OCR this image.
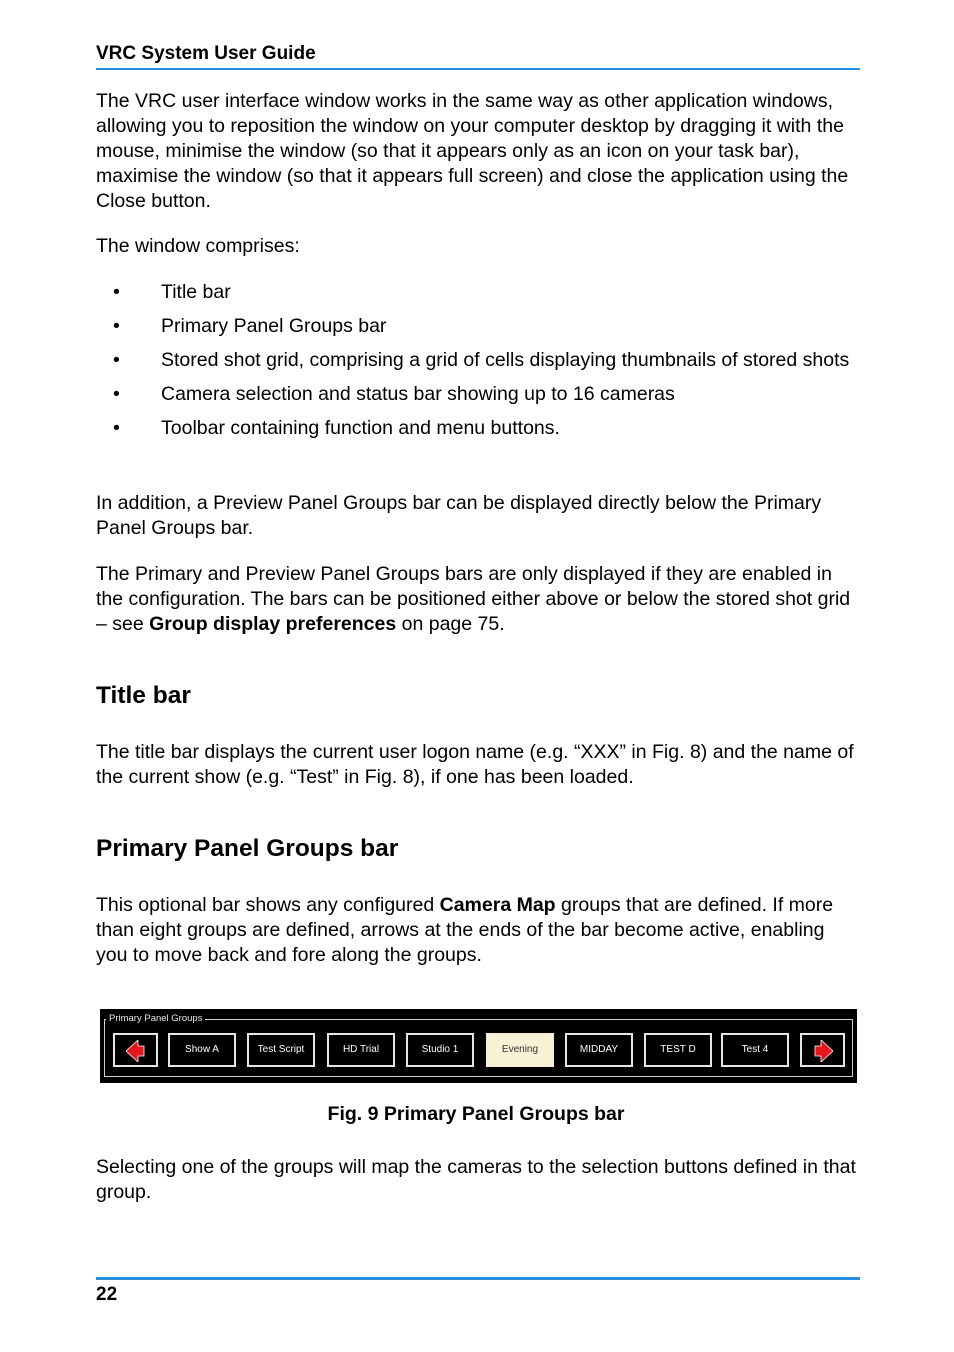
VRC System User Guide

The VRC user interface window works in the same way as other application windows, allowing you to reposition the window on your computer desktop by dragging it with the mouse, minimise the window (so that it appears only as an icon on your task bar), maximise the window (so that it appears full screen) and close the application using the Close button.

The window comprises:

• Title bar
• Primary Panel Groups bar
• Stored shot grid, comprising a grid of cells displaying thumbnails of stored shots
• Camera selection and status bar showing up to 16 cameras
• Toolbar containing function and menu buttons.

In addition, a Preview Panel Groups bar can be displayed directly below the Primary Panel Groups bar.

The Primary and Preview Panel Groups bars are only displayed if they are enabled in the configuration. The bars can be positioned either above or below the stored shot grid – see Group display preferences on page 75.

Title bar

The title bar displays the current user logon name (e.g. “XXX” in Fig. 8) and the name of the current show (e.g. “Test” in Fig. 8), if one has been loaded.

Primary Panel Groups bar

This optional bar shows any configured Camera Map groups that are defined. If more than eight groups are defined, arrows at the ends of the bar become active, enabling you to move back and fore along the groups.

Primary Panel Groups
Show A	Test Script	HD Trial	Studio 1	Evening	MIDDAY	TEST D	Test 4
Fig. 9 Primary Panel Groups bar

Selecting one of the groups will map the cameras to the selection buttons defined in that group.

22
